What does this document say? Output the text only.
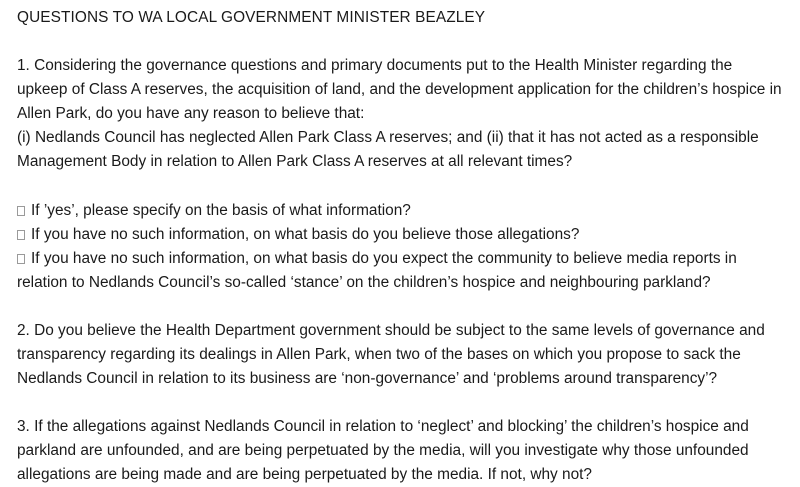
QUESTIONS TO WA LOCAL GOVERNMENT MINISTER BEAZLEY
1. Considering the governance questions and primary documents put to the Health Minister regarding the upkeep of Class A reserves, the acquisition of land, and the development application for the children’s hospice in Allen Park, do you have any reason to believe that:
(i) Nedlands Council has neglected Allen Park Class A reserves; and (ii) that it has not acted as a responsible Management Body in relation to Allen Park Class A reserves at all relevant times?
If ’yes’, please specify on the basis of what information?
If you have no such information, on what basis do you believe those allegations?
If you have no such information, on what basis do you expect the community to believe media reports in relation to Nedlands Council’s so-called ‘stance’ on the children’s hospice and neighbouring parkland?

2. Do you believe the Health Department government should be subject to the same levels of governance and transparency regarding its dealings in Allen Park, when two of the bases on which you propose to sack the Nedlands Council in relation to its business are ‘non-governance’ and ‘problems around transparency’?

3. If the allegations against Nedlands Council in relation to ‘neglect’ and blocking’ the children’s hospice and parkland are unfounded, and are being perpetuated by the media, will you investigate why those unfounded allegations are being made and are being perpetuated by the media. If not, why not?
